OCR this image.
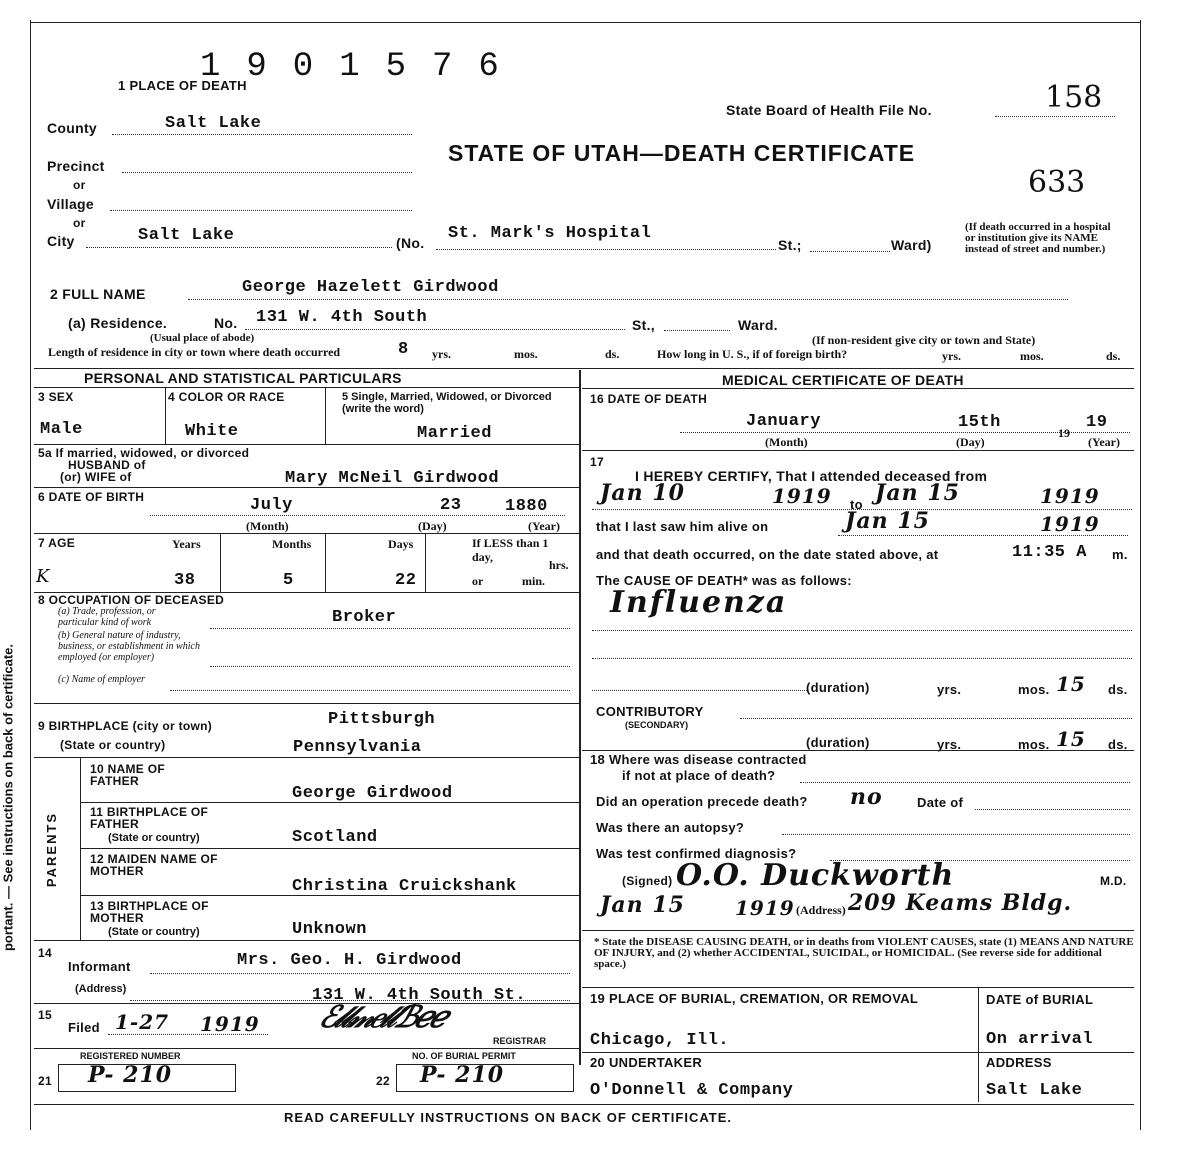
portant. — See instructions on back of certificate.
1901576
1 PLACE OF DEATH
State Board of Health File No.	158
STATE OF UTAH—DEATH CERTIFICATE
633
County	Salt Lake
Precinct
or
Village
or
City	Salt Lake	(No. St. Mark's Hospital
St.;	Ward)
(If death occurred in a hospital or institution give its NAME instead of street and number.)
2 FULL NAME	George Hazelett Girdwood
(a) Residence.	No. 131 W. 4th South	St.,	Ward.
(Usual place of abode)	(If non-resident give city or town and State)
Length of residence in city or town where death occurred	8 yrs.	mos.	ds.	How long in U. S., if of foreign birth?	yrs.	mos.	ds.
PERSONAL AND STATISTICAL PARTICULARS	MEDICAL CERTIFICATE OF DEATH
3 SEX
Male
4 COLOR OR RACE
White
5 Single, Married, Widowed, or Divorced (write the word)
Married
5a If married, widowed, or divorced
HUSBAND of
(or) WIFE of	Mary McNeil Girdwood
6 DATE OF BIRTH	July	23	1880
(Month)	(Day)	(Year)
7 AGE
K
Years	Months	Days	If LESS than 1 day,
hrs.
or	min.
38	5	22
8 OCCUPATION OF DECEASED
(a) Trade, profession, or particular kind of work
(b) General nature of industry, business, or establishment in which employed (or employer)
(c) Name of employer
Broker
9 BIRTHPLACE (city or town)	Pittsburgh
(State or country)	Pennsylvania
PARENTS
10 NAME OF FATHER
George Girdwood
11 BIRTHPLACE OF FATHER
(State or country)	Scotland
12 MAIDEN NAME OF MOTHER
Christina Cruickshank
13 BIRTHPLACE OF MOTHER
(State or country)	Unknown
14
Informant	Mrs. Geo. H. Girdwood
(Address)	131 W. 4th South St.
15
Filed 1-27 1919 ℰ𝓁𝓁𝓂𝑒𝓁𝓁ℬℯℯ
REGISTRAR
REGISTERED NUMBER	NO. OF BURIAL PERMIT
21 P- 210	22 P- 210
16 DATE OF DEATH
January	15th
19
19
(Month)	(Day)	(Year)
17
I HEREBY CERTIFY, That I attended deceased from
Jan 10	1919 to Jan 15	1919
that I last saw him alive on	Jan 15	1919
and that death occurred, on the date stated above, at	11:35 A m.
The CAUSE OF DEATH* was as follows:
Influenza
(duration)	yrs.	mos. 15 ds.
CONTRIBUTORY
(SECONDARY)
(duration)	yrs.	mos. 15 ds.
18 Where was disease contracted
if not at place of death?
Did an operation precede death? no	Date of
Was there an autopsy?
Was test confirmed diagnosis?
(Signed) O.O. Duckworth	M.D.
Jan 15	1919 (Address) 209 Keams Bldg.
* State the DISEASE CAUSING DEATH, or in deaths from VIOLENT CAUSES, state (1) MEANS AND NATURE OF INJURY, and (2) whether ACCIDENTAL, SUICIDAL, or HOMICIDAL. (See reverse side for additional space.)
19 PLACE OF BURIAL, CREMATION, OR REMOVAL
Chicago, Ill.
DATE of BURIAL
On arrival
20 UNDERTAKER
O'Donnell & Company
ADDRESS
Salt Lake
READ CAREFULLY INSTRUCTIONS ON BACK OF CERTIFICATE.
